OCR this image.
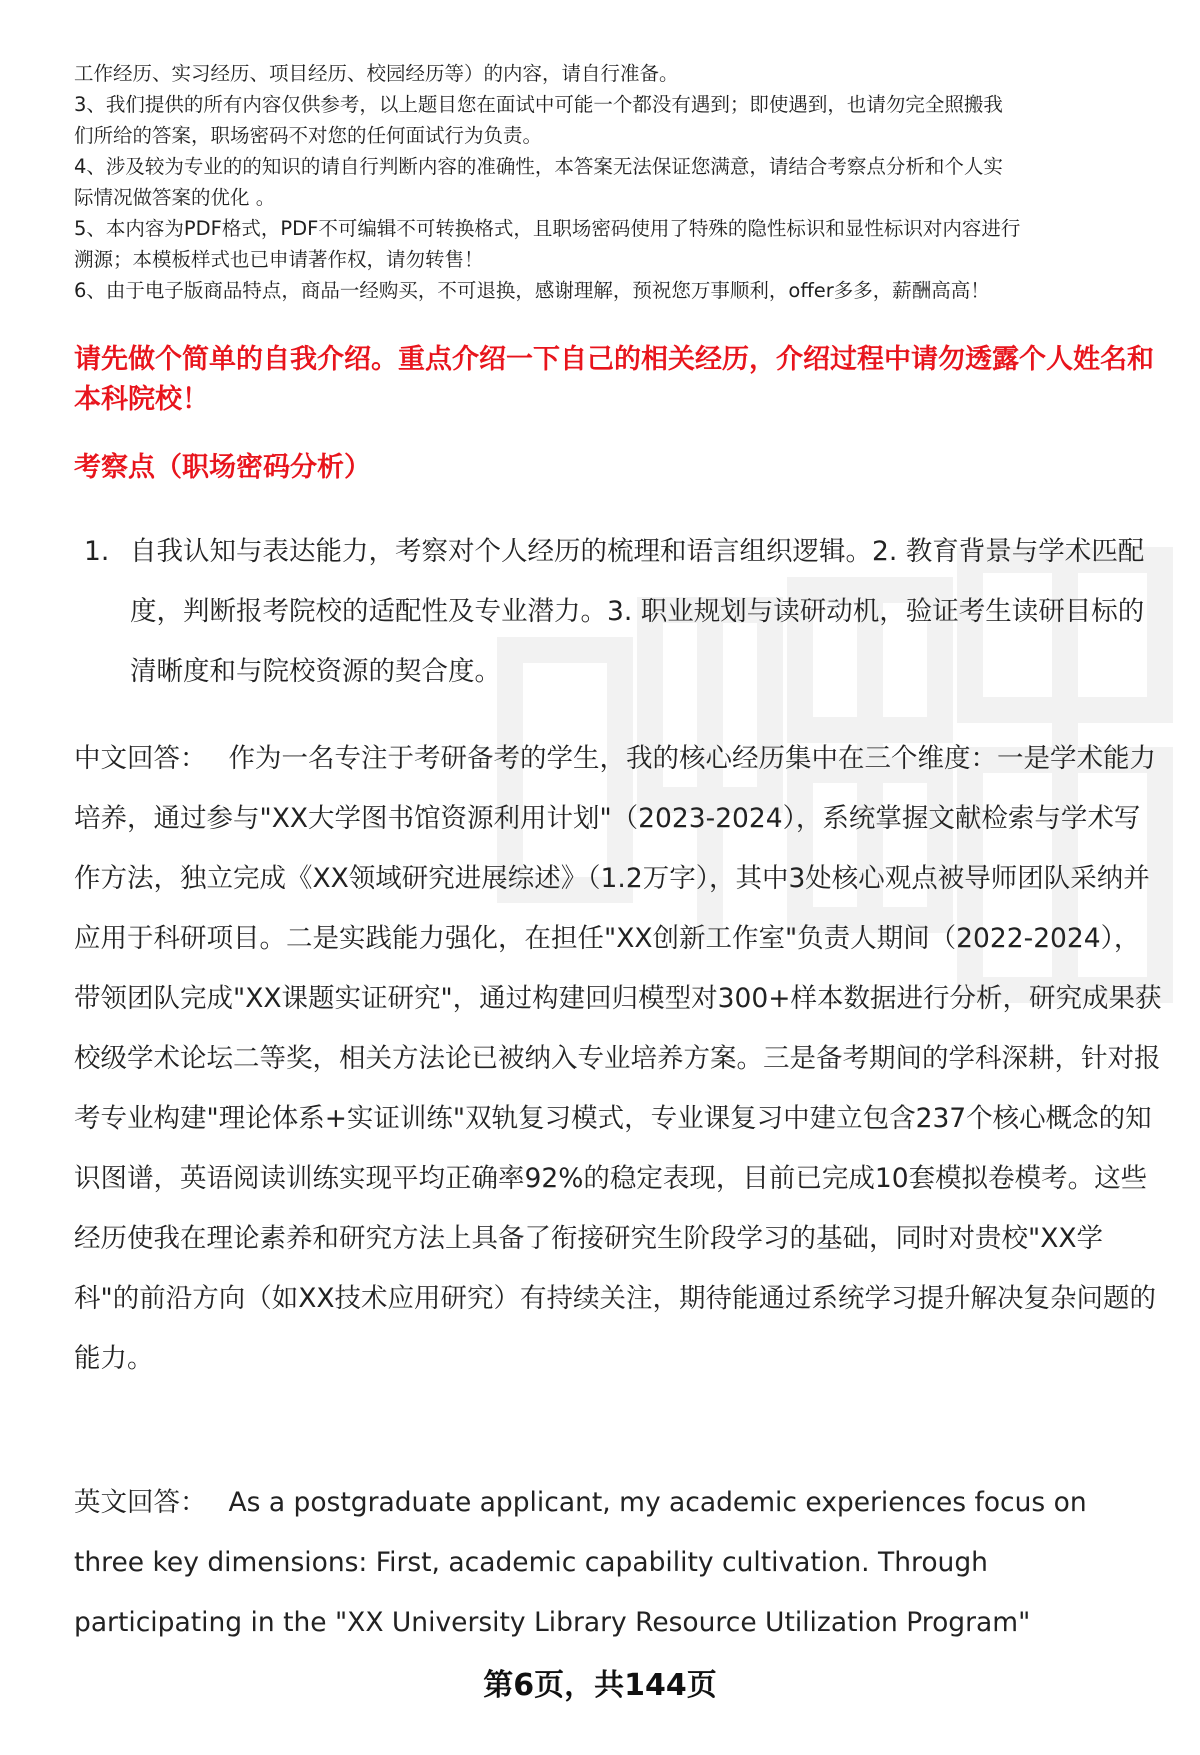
工作经历、实习经历、项目经历、校园经历等）的内容，请自行准备。
3、我们提供的所有内容仅供参考，以上题目您在面试中可能一个都没有遇到；即使遇到，也请勿完全照搬我
们所给的答案，职场密码不对您的任何面试行为负责。
4、涉及较为专业的的知识的请自行判断内容的准确性，本答案无法保证您满意，请结合考察点分析和个人实
际情况做答案的优化 。
5、本内容为PDF格式，PDF不可编辑不可转换格式，且职场密码使用了特殊的隐性标识和显性标识对内容进行
溯源；本模板样式也已申请著作权，请勿转售！
6、由于电子版商品特点，商品一经购买，不可退换，感谢理解，预祝您万事顺利，offer多多，薪酬高高！
请先做个简单的自我介绍。重点介绍一下自己的相关经历，介绍过程中请勿透露个人姓名和本科院校！
考察点（职场密码分析）
1. 自我认知与表达能力，考察对个人经历的梳理和语言组织逻辑。2. 教育背景与学术匹配度，判断报考院校的适配性及专业潜力。3. 职业规划与读研动机，验证考生读研目标的清晰度和与院校资源的契合度。
中文回答： 作为一名专注于考研备考的学生，我的核心经历集中在三个维度：一是学术能力培养，通过参与"XX大学图书馆资源利用计划"（2023-2024），系统掌握文献检索与学术写作方法，独立完成《XX领域研究进展综述》（1.2万字），其中3处核心观点被导师团队采纳并应用于科研项目。二是实践能力强化，在担任"XX创新工作室"负责人期间（2022-2024），带领团队完成"XX课题实证研究"，通过构建回归模型对300+样本数据进行分析，研究成果获校级学术论坛二等奖，相关方法论已被纳入专业培养方案。三是备考期间的学科深耕，针对报考专业构建"理论体系+实证训练"双轨复习模式，专业课复习中建立包含237个核心概念的知识图谱，英语阅读训练实现平均正确率92%的稳定表现，目前已完成10套模拟卷模考。这些经历使我在理论素养和研究方法上具备了衔接研究生阶段学习的基础，同时对贵校"XX学科"的前沿方向（如XX技术应用研究）有持续关注，期待能通过系统学习提升解决复杂问题的能力。
英文回答： As a postgraduate applicant, my academic experiences focus on three key dimensions: First, academic capability cultivation. Through participating in the "XX University Library Resource Utilization Program"
第6页，共144页
